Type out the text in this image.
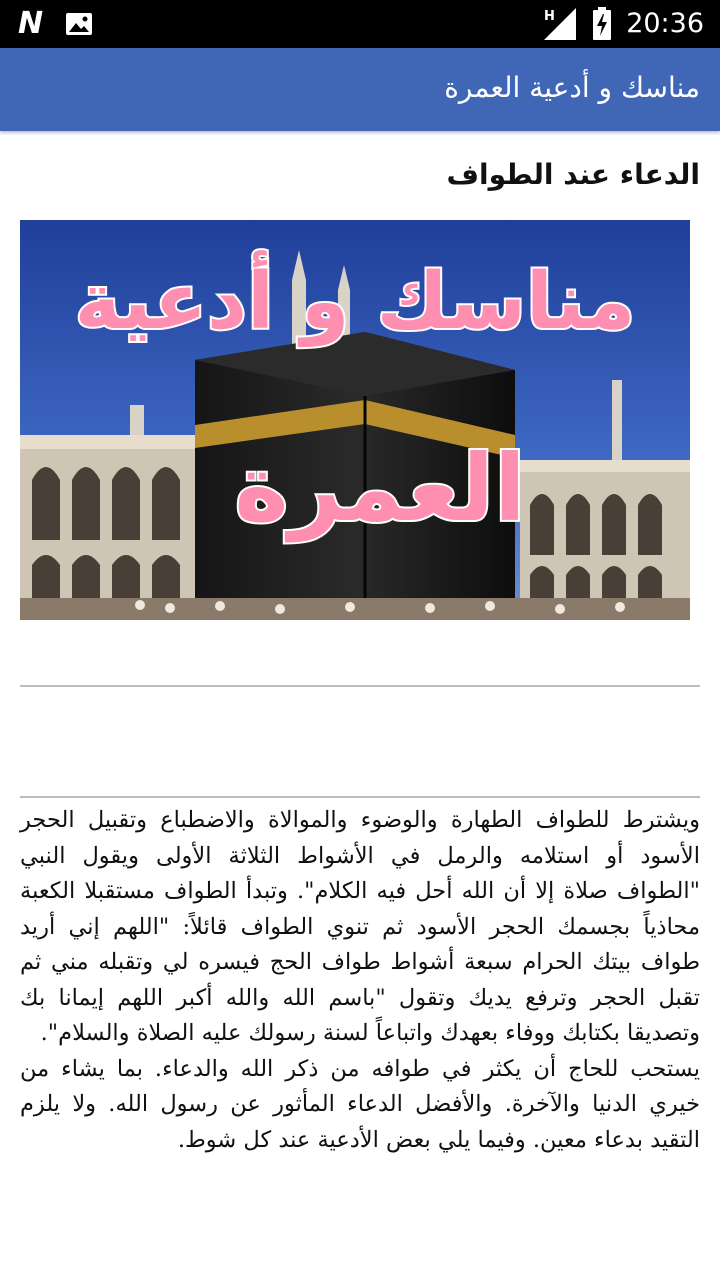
N	H	20:36
مناسك و أدعية العمرة
الدعاء عند الطواف
مناسك و أدعية
العمرة

ويشترط للطواف الطهارة والوضوء والموالاة والاضطباع وتقبيل الحجر الأسود أو استلامه والرمل في الأشواط الثلاثة الأولى ويقول النبي "الطواف صلاة إلا أن الله أحل فيه الكلام". وتبدأ الطواف مستقبلا الكعبة محاذياً بجسمك الحجر الأسود ثم تنوي الطواف قائلاً: "اللهم إني أريد طواف بيتك الحرام سبعة أشواط طواف الحج فيسره لي وتقبله مني ثم تقبل الحجر وترفع يديك وتقول "باسم الله والله أكبر اللهم إيمانا بك وتصديقا بكتابك ووفاء بعهدك واتباعاً لسنة رسولك عليه الصلاة والسلام".

يستحب للحاج أن يكثر في طوافه من ذكر الله والدعاء. بما يشاء من خيري الدنيا والآخرة. والأفضل الدعاء المأثور عن رسول الله. ولا يلزم التقيد بدعاء معين. وفيما يلي بعض الأدعية عند كل شوط.
